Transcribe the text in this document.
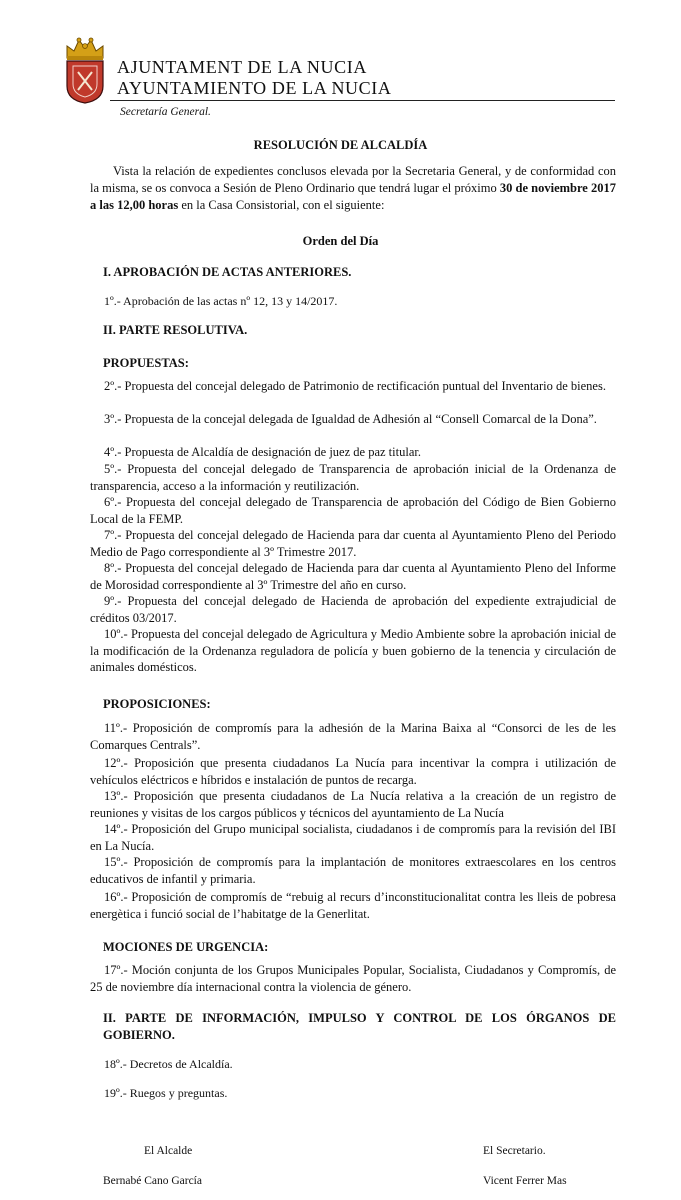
AJUNTAMENT DE LA NUCIA
AYUNTAMIENTO DE LA NUCIA
Secretaría General.
RESOLUCIÓN DE ALCALDÍA
Vista la relación de expedientes conclusos elevada por la Secretaria General, y de conformidad con la misma, se os convoca a Sesión de Pleno Ordinario que tendrá lugar el próximo 30 de noviembre 2017 a las 12,00 horas en la Casa Consistorial, con el siguiente:
Orden del Día
I. APROBACIÓN DE ACTAS ANTERIORES.
1º.- Aprobación de las actas nº 12, 13 y 14/2017.
II. PARTE RESOLUTIVA.
PROPUESTAS:
2º.- Propuesta del concejal delegado de Patrimonio de rectificación puntual del Inventario de bienes.
3º.- Propuesta de la concejal delegada de Igualdad de Adhesión al “Consell Comarcal de la Dona”.
4º.- Propuesta de Alcaldía de designación de juez de paz titular.
5º.- Propuesta del concejal delegado de Transparencia de aprobación inicial de la Ordenanza de transparencia, acceso a la información y reutilización.
6º.- Propuesta del concejal delegado de Transparencia de aprobación del Código de Bien Gobierno Local de la FEMP.
7º.- Propuesta del concejal delegado de Hacienda para dar cuenta al Ayuntamiento Pleno del Periodo Medio de Pago correspondiente al 3º Trimestre 2017.
8º.- Propuesta del concejal delegado de Hacienda para dar cuenta al Ayuntamiento Pleno del Informe de Morosidad correspondiente al 3º Trimestre del año en curso.
9º.- Propuesta del concejal delegado de Hacienda de aprobación del expediente extrajudicial de créditos 03/2017.
10º.- Propuesta del concejal delegado de Agricultura y Medio Ambiente sobre la aprobación inicial de la modificación de la Ordenanza reguladora de policía y buen gobierno de la tenencia y circulación de animales domésticos.
PROPOSICIONES:
11º.- Proposición de compromís para la adhesión de la Marina Baixa al “Consorci de les de les Comarques Centrals”.
12º.- Proposición que presenta ciudadanos La Nucía para incentivar la compra i utilización de vehículos eléctricos e híbridos e instalación de puntos de recarga.
13º.- Proposición que presenta ciudadanos de La Nucía relativa a la creación de un registro de reuniones y visitas de los cargos públicos y técnicos del ayuntamiento de La Nucía
14º.- Proposición del Grupo municipal socialista, ciudadanos i de compromís para la revisión del IBI en La Nucía.
15º.- Proposición de compromís para la implantación de monitores extraescolares en los centros educativos de infantil y primaria.
16º.- Proposición de compromís de “rebuig al recurs d’inconstitucionalitat contra les lleis de pobresa energètica i funció social de l’habitatge de la Generlitat.
MOCIONES DE URGENCIA:
17º.- Moción conjunta de los Grupos Municipales Popular, Socialista, Ciudadanos y Compromís, de 25 de noviembre día internacional contra la violencia de género.
II. PARTE DE INFORMACIÓN, IMPULSO Y CONTROL DE LOS ÓRGANOS DE GOBIERNO.
18º.- Decretos de Alcaldía.
19º.- Ruegos y preguntas.
El Alcalde
Bernabé Cano García
El Secretario.
Vicent Ferrer Mas
